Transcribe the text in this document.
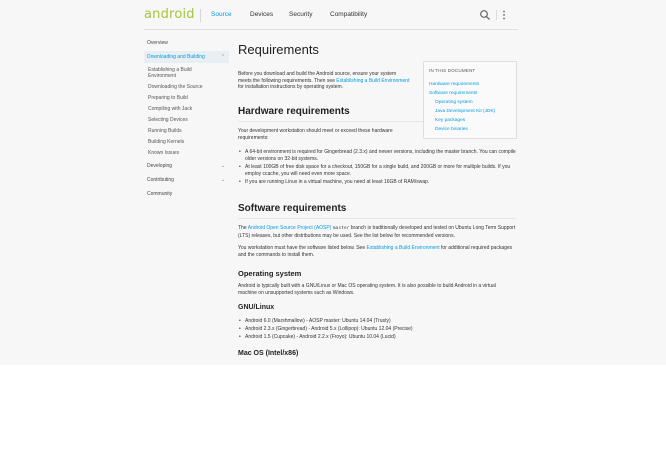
android	Source	Devices Security	Compatibility
Overview
Downloading and Building	⌃
Establishing a Build Environment
Downloading the Source
Preparing to Build
Compiling with Jack
Selecting Devices
Running Builds
Building Kernels
Known Issues
Developing	⌄
Contributing	⌄
Community
Requirements

Before you download and build the Android source, ensure your system meets the following requirements. Then see Establishing a Build Environment for installation instructions by operating system.

Hardware requirements

Your development workstation should meet or exceed these hardware requirements:

• A 64-bit environment is required for Gingerbread (2.3.x) and newer versions, including the master branch. You can compile older versions on 32-bit systems.
• At least 100GB of free disk space for a checkout, 150GB for a single build, and 200GB or more for multiple builds. If you employ ccache, you will need even more space.
• If you are running Linux in a virtual machine, you need at least 16GB of RAM/swap.
Software requirements

The Android Open Source Project (AOSP) master branch is traditionally developed and tested on Ubuntu Long Term Support (LTS) releases, but other distributions may be used. See the list below for recommended versions.

You workstation must have the software listed below. See Establishing a Build Environment for additional required packages and the commands to install them.

Operating system

Android is typically built with a GNU/Linux or Mac OS operating system. It is also possible to build Android in a virtual machine on unsupported systems such as Windows.

GNU/Linux
• Android 6.0 (Marshmallow) - AOSP master: Ubuntu 14.04 (Trusty)
• Android 2.3.x (Gingerbread) - Android 5.x (Lollipop): Ubuntu 12.04 (Precise)
• Android 1.5 (Cupcake) - Android 2.2.x (Froyo): Ubuntu 10.04 (Lucid)
Mac OS (Intel/x86)
IN THIS DOCUMENT
Hardware requirements
Software requirements
Operating system
Java Development Kit (JDK)
Key packages
Device binaries
